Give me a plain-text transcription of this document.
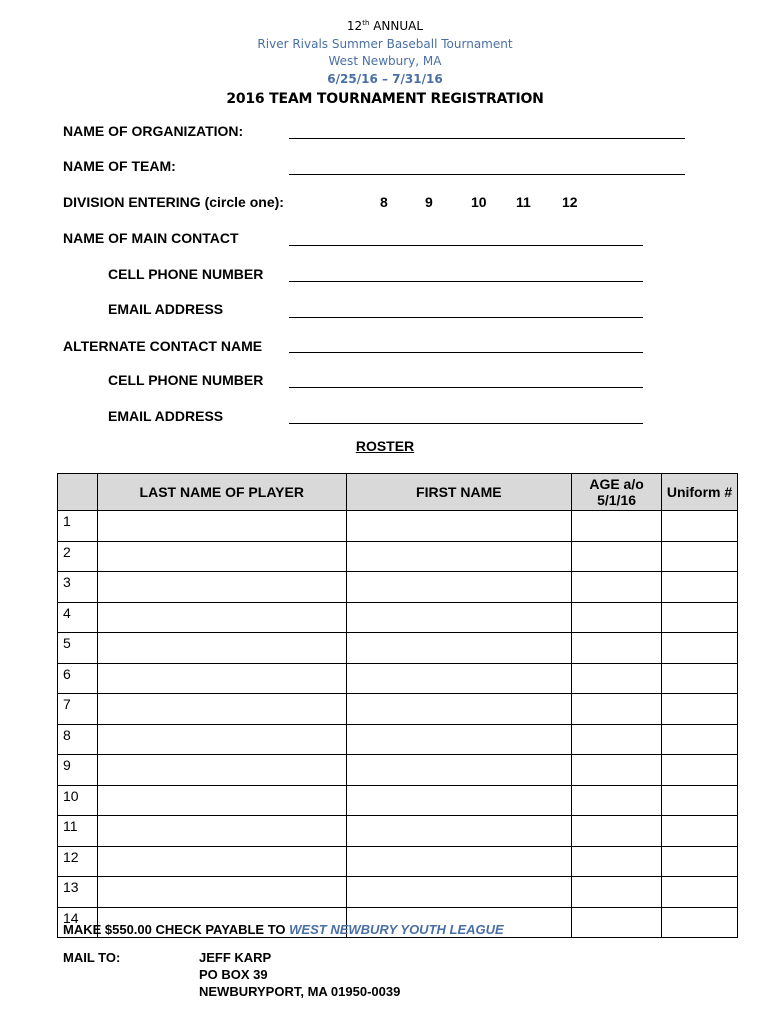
12th ANNUAL
River Rivals Summer Baseball Tournament
West Newbury, MA
6/25/16 – 7/31/16
2016 TEAM TOURNAMENT REGISTRATION
NAME OF ORGANIZATION:
NAME OF TEAM:
DIVISION ENTERING (circle one):	8	9	10 11 12
NAME OF MAIN CONTACT
CELL PHONE NUMBER
EMAIL ADDRESS
ALTERNATE CONTACT NAME
CELL PHONE NUMBER
EMAIL ADDRESS
ROSTER
	LAST NAME OF PLAYER	FIRST NAME	AGE a/o 5/1/16	Uniform #
1				
2				
3				
4				
5				
6				
7				
8				
9				
10				
11				
12				
13				
14				
MAKE $550.00 CHECK PAYABLE TO WEST NEWBURY YOUTH LEAGUE
MAIL TO:	JEFF KARP
PO BOX 39
NEWBURYPORT, MA 01950-0039
